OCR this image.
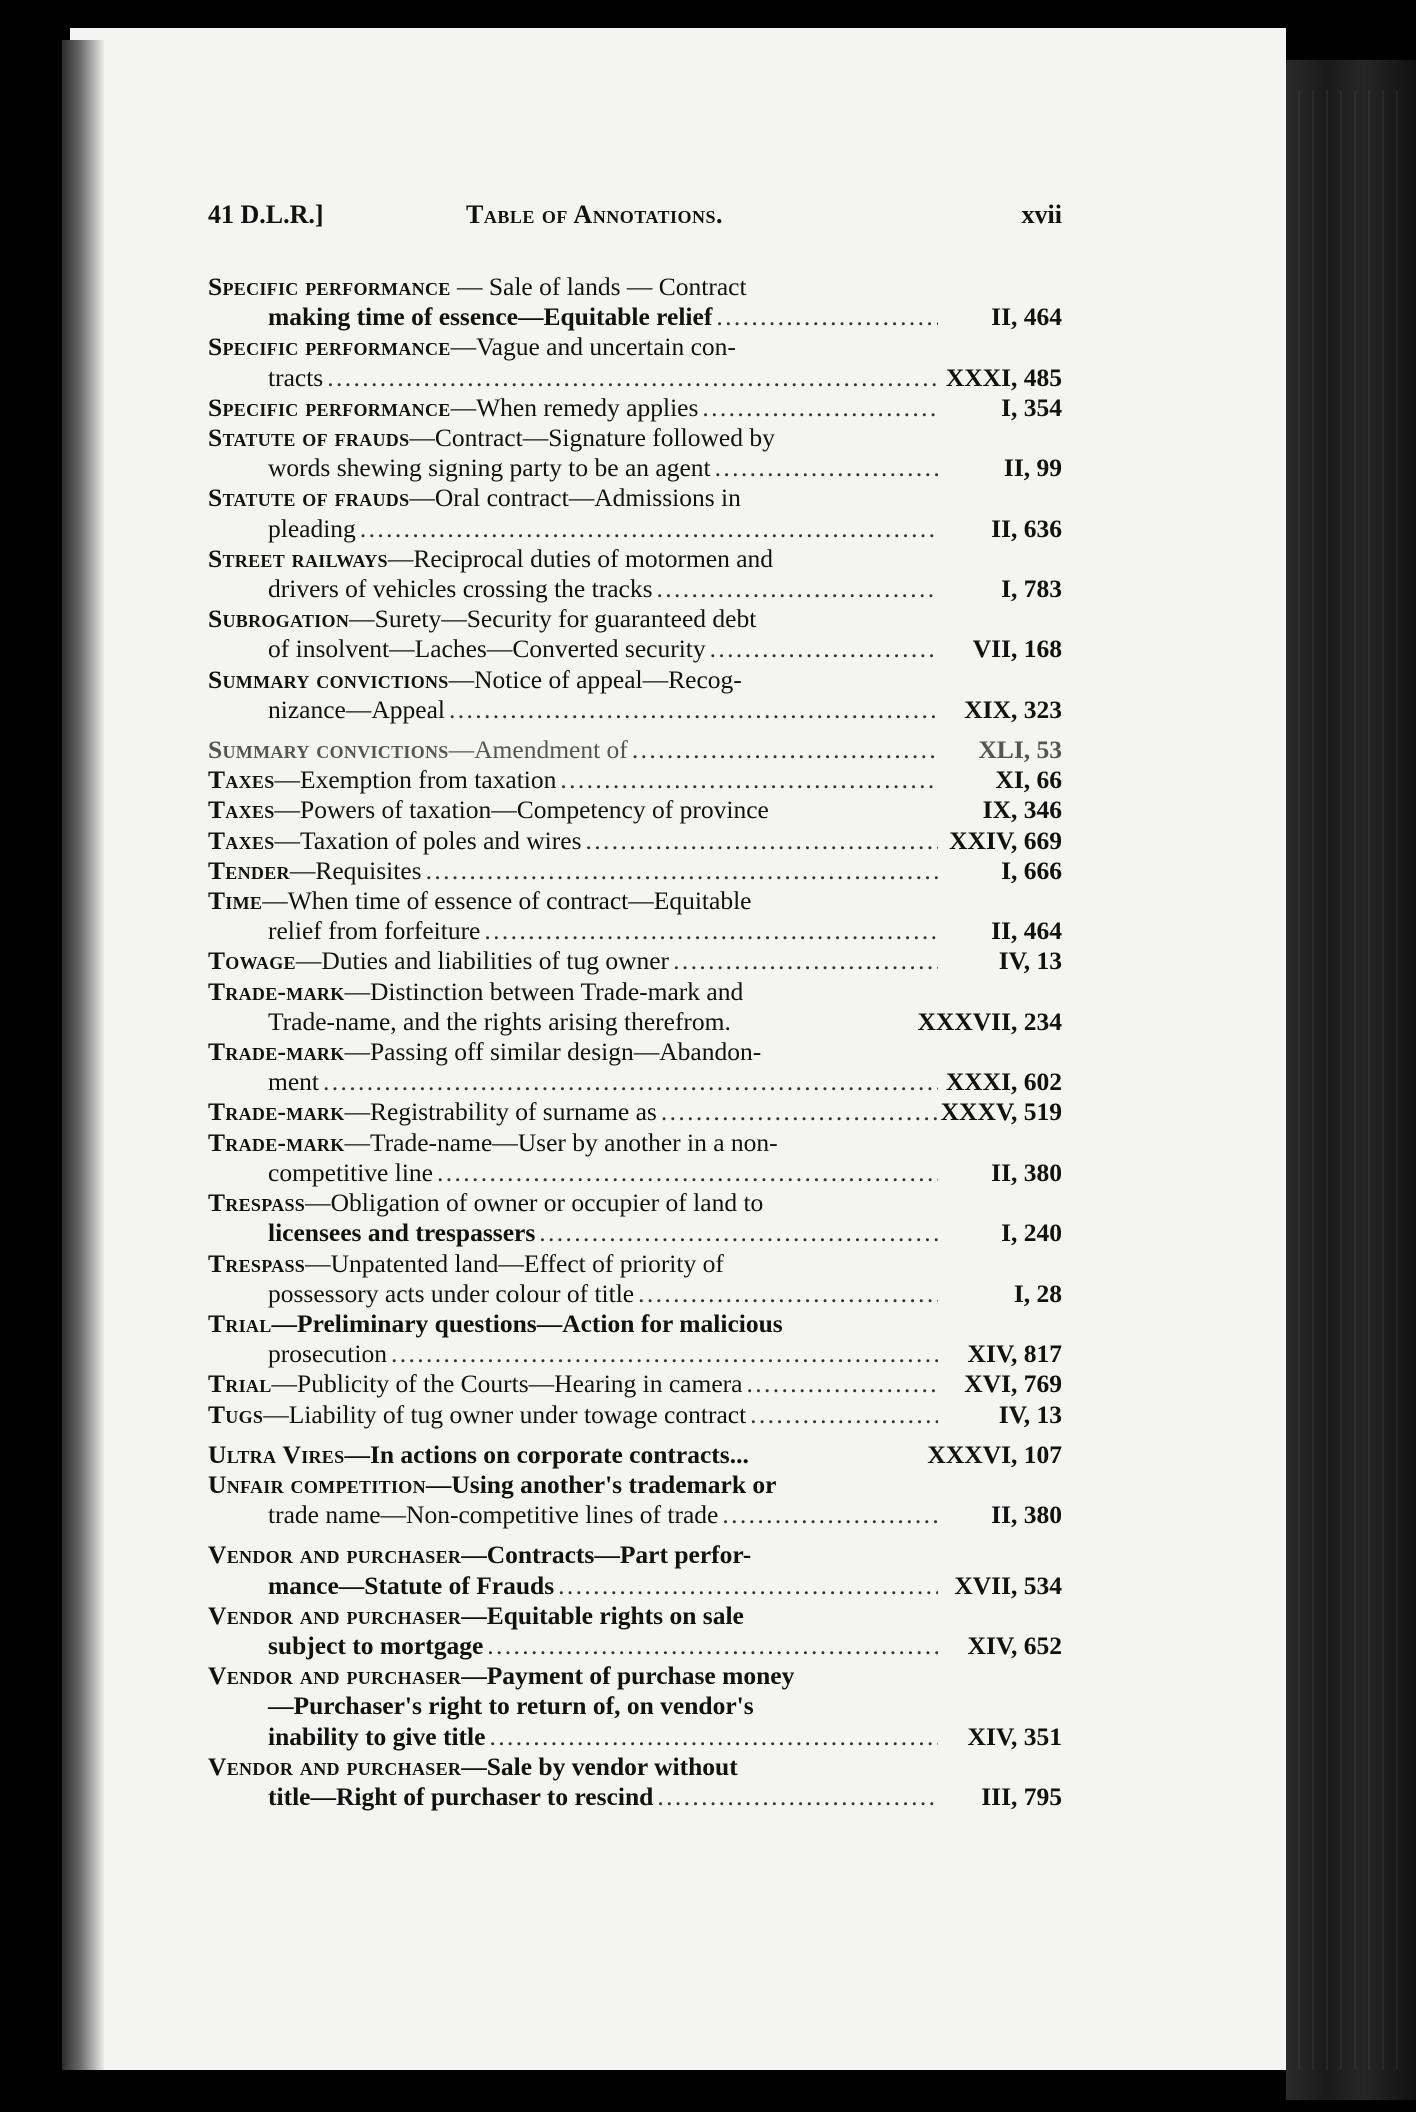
41 D.L.R.]	Table of Annotations.	xvii
Specific performance — Sale of lands — Contract
making time of essence—Equitable relief . . .	II, 464
Specific performance —Vague and uncertain con-
tracts . . .	XXXI, 485
Specific performance —When remedy applies . . .	I, 354
Statute of frauds —Contract—Signature followed by
words shewing signing party to be an agent . . .	II, 99
Statute of frauds —Oral contract—Admissions in
pleading . . .	II, 636
Street railways —Reciprocal duties of motormen and
drivers of vehicles crossing the tracks . . .	I, 783
Subrogation —Surety—Security for guaranteed debt
of insolvent—Laches—Converted security . . .	VII, 168
Summary convictions —Notice of appeal—Recog-
nizance—Appeal . . .	XIX, 323
Summary convictions —Amendment of . . .	XLI, 53
Taxes —Exemption from taxation . . .	XI, 66
Taxes —Powers of taxation—Competency of province	IX, 346
Taxes —Taxation of poles and wires . . .	XXIV, 669
Tender —Requisites . . .	I, 666
Time —When time of essence of contract—Equitable
relief from forfeiture . . .	II, 464
Towage —Duties and liabilities of tug owner . . .	IV, 13
Trade-mark —Distinction between Trade-mark and
Trade-name, and the rights arising therefrom.	XXXVII, 234
Trade-mark —Passing off similar design—Abandon-
ment . . .	XXXI, 602
Trade-mark —Registrability of surname as . . .	XXXV, 519
Trade-mark —Trade-name—User by another in a non-
competitive line . . .	II, 380
Trespass —Obligation of owner or occupier of land to
licensees and trespassers . . .	I, 240
Trespass —Unpatented land—Effect of priority of
possessory acts under colour of title . . .	I, 28
Trial —Preliminary questions—Action for malicious
prosecution . . .	XIV, 817
Trial —Publicity of the Courts—Hearing in camera . . .	XVI, 769
Tugs —Liability of tug owner under towage contract . . .	IV, 13
Ultra Vires —In actions on corporate contracts...	XXXVI, 107
Unfair competition —Using another's trademark or
trade name—Non-competitive lines of trade . . .	II, 380
Vendor and purchaser —Contracts—Part perfor-
mance—Statute of Frauds . . .	XVII, 534
Vendor and purchaser —Equitable rights on sale
subject to mortgage . . .	XIV, 652
Vendor and purchaser —Payment of purchase money
—Purchaser's right to return of, on vendor's
inability to give title . . .	XIV, 351
Vendor and purchaser —Sale by vendor without
title—Right of purchaser to rescind . . .	III, 795
